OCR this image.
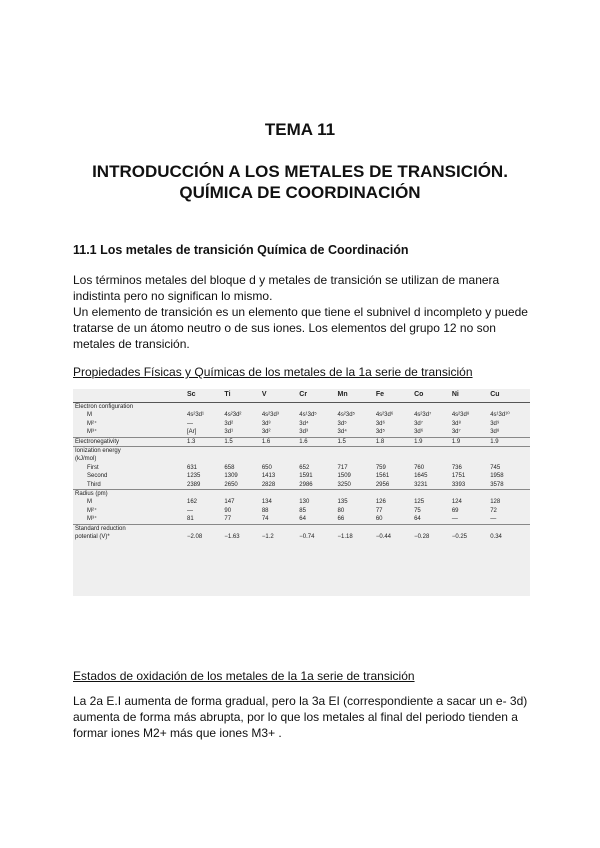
TEMA 11
INTRODUCCIÓN A LOS METALES DE TRANSICIÓN.
QUÍMICA DE COORDINACIÓN
11.1 Los metales de transición Química de Coordinación
Los términos metales del bloque d y metales de transición se utilizan de manera indistinta pero no significan lo mismo.
Un elemento de transición es un elemento que tiene el subnivel d incompleto y puede tratarse de un átomo neutro o de sus iones. Los elementos del grupo 12 no son metales de transición.
Propiedades Físicas y Químicas de los metales de la 1a serie de transición
	Sc	Ti	V	Cr	Mn	Fe	Co	Ni	Cu
Electron configuration									
M	4s²3d¹	4s²3d²	4s²3d³	4s¹3d⁵	4s²3d⁵	4s²3d⁶	4s²3d⁷	4s²3d⁸	4s¹3d¹⁰
M²⁺	—	3d²	3d³	3d⁴	3d⁵	3d⁶	3d⁷	3d⁸	3d⁹
M³⁺	[Ar]	3d¹	3d²	3d³	3d⁴	3d⁵	3d⁶	3d⁷	3d⁸
Electronegativity	1.3	1.5	1.6	1.6	1.5	1.8	1.9	1.9	1.9
Ionization energy									
(kJ/mol)									
First	631	658	650	652	717	759	760	736	745
Second	1235	1309	1413	1591	1509	1561	1645	1751	1958
Third	2389	2650	2828	2986	3250	2956	3231	3393	3578
Radius (pm)									
M	162	147	134	130	135	126	125	124	128
M²⁺	—	90	88	85	80	77	75	69	72
M³⁺	81	77	74	64	66	60	64	—	—
Standard reduction									
potential (V)*	−2.08	−1.63	−1.2	−0.74	−1.18	−0.44	−0.28	−0.25	0.34
Estados de oxidación de los metales de la 1a serie de transición
La 2a E.I aumenta de forma gradual, pero la 3a EI (correspondiente a sacar un e- 3d) aumenta de forma más abrupta, por lo que los metales al final del periodo tienden a formar iones M2+ más que iones M3+ .
